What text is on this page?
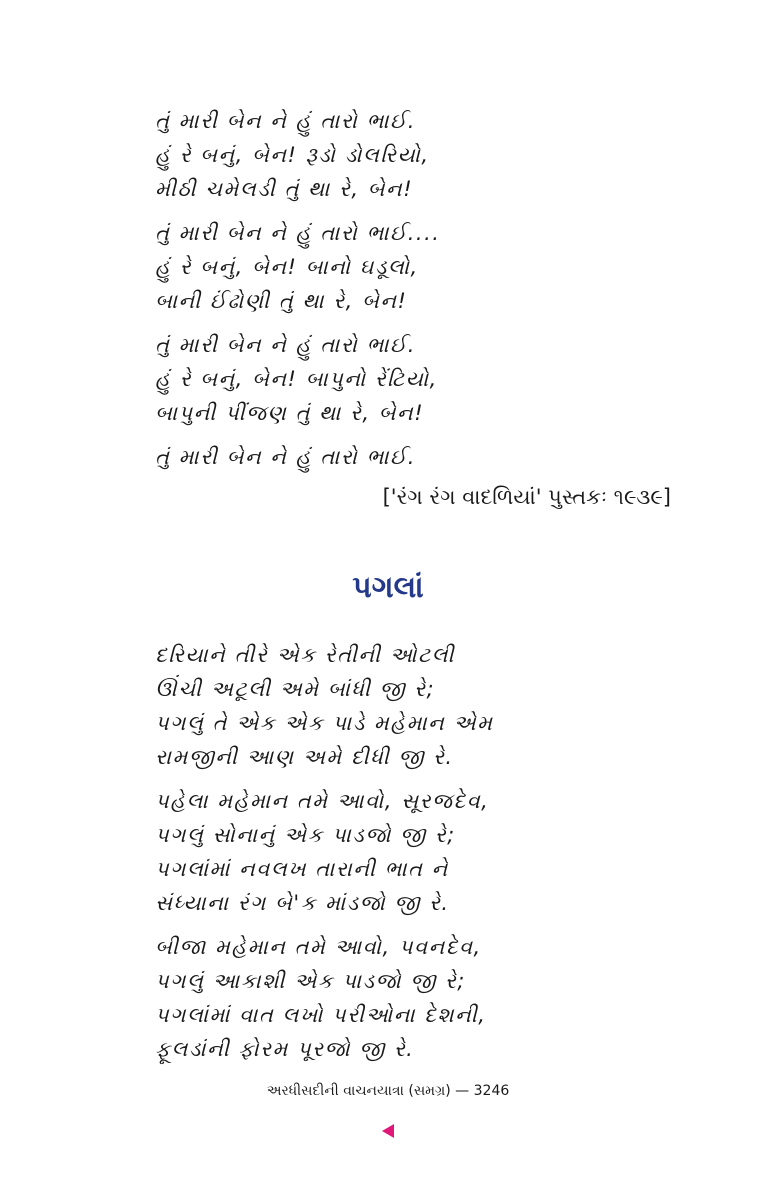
તું મારી બેન ને હું તારો ભાઈ.
હું રે બનું, બેન! રૂડો ડોલરિયો,
મીઠી ચમેલડી તું થા રે, બેન!
તું મારી બેન ને હું તારો ભાઈ....
હું રે બનું, બેન! બાનો ઘડૂલો,
બાની ઈંઢોણી તું થા રે, બેન!
તું મારી બેન ને હું તારો ભાઈ.
હું રે બનું, બેન! બાપુનો રેંટિયો,
બાપુની પીંજણ તું થા રે, બેન!
તું મારી બેન ને હું તારો ભાઈ.
['રંગ રંગ વાદળિયાં' પુસ્તકઃ ૧૯૩૯]
પગલાં
દરિયાને તીરે એક રેતીની ઓટલી
ઊંચી અટૂલી અમે બાંધી જી રે;
પગલું તે એક એક પાડે મહેમાન એમ
રામજીની આણ અમે દીધી જી રે.
પહેલા મહેમાન તમે આવો, સૂરજદેવ,
પગલું સોનાનું એક પાડજો જી રે;
પગલાંમાં નવલખ તારાની ભાત ને
સંધ્યાના રંગ બે'ક માંડજો જી રે.
બીજા મહેમાન તમે આવો, પવનદેવ,
પગલું આકાશી એક પાડજો જી રે;
પગલાંમાં વાત લખો પરીઓના દેશની,
ફૂલડાંની ફોરમ પૂરજો જી રે.
અરધીસદીની વાચનયાત્રા (સમગ્ર) — 3246
